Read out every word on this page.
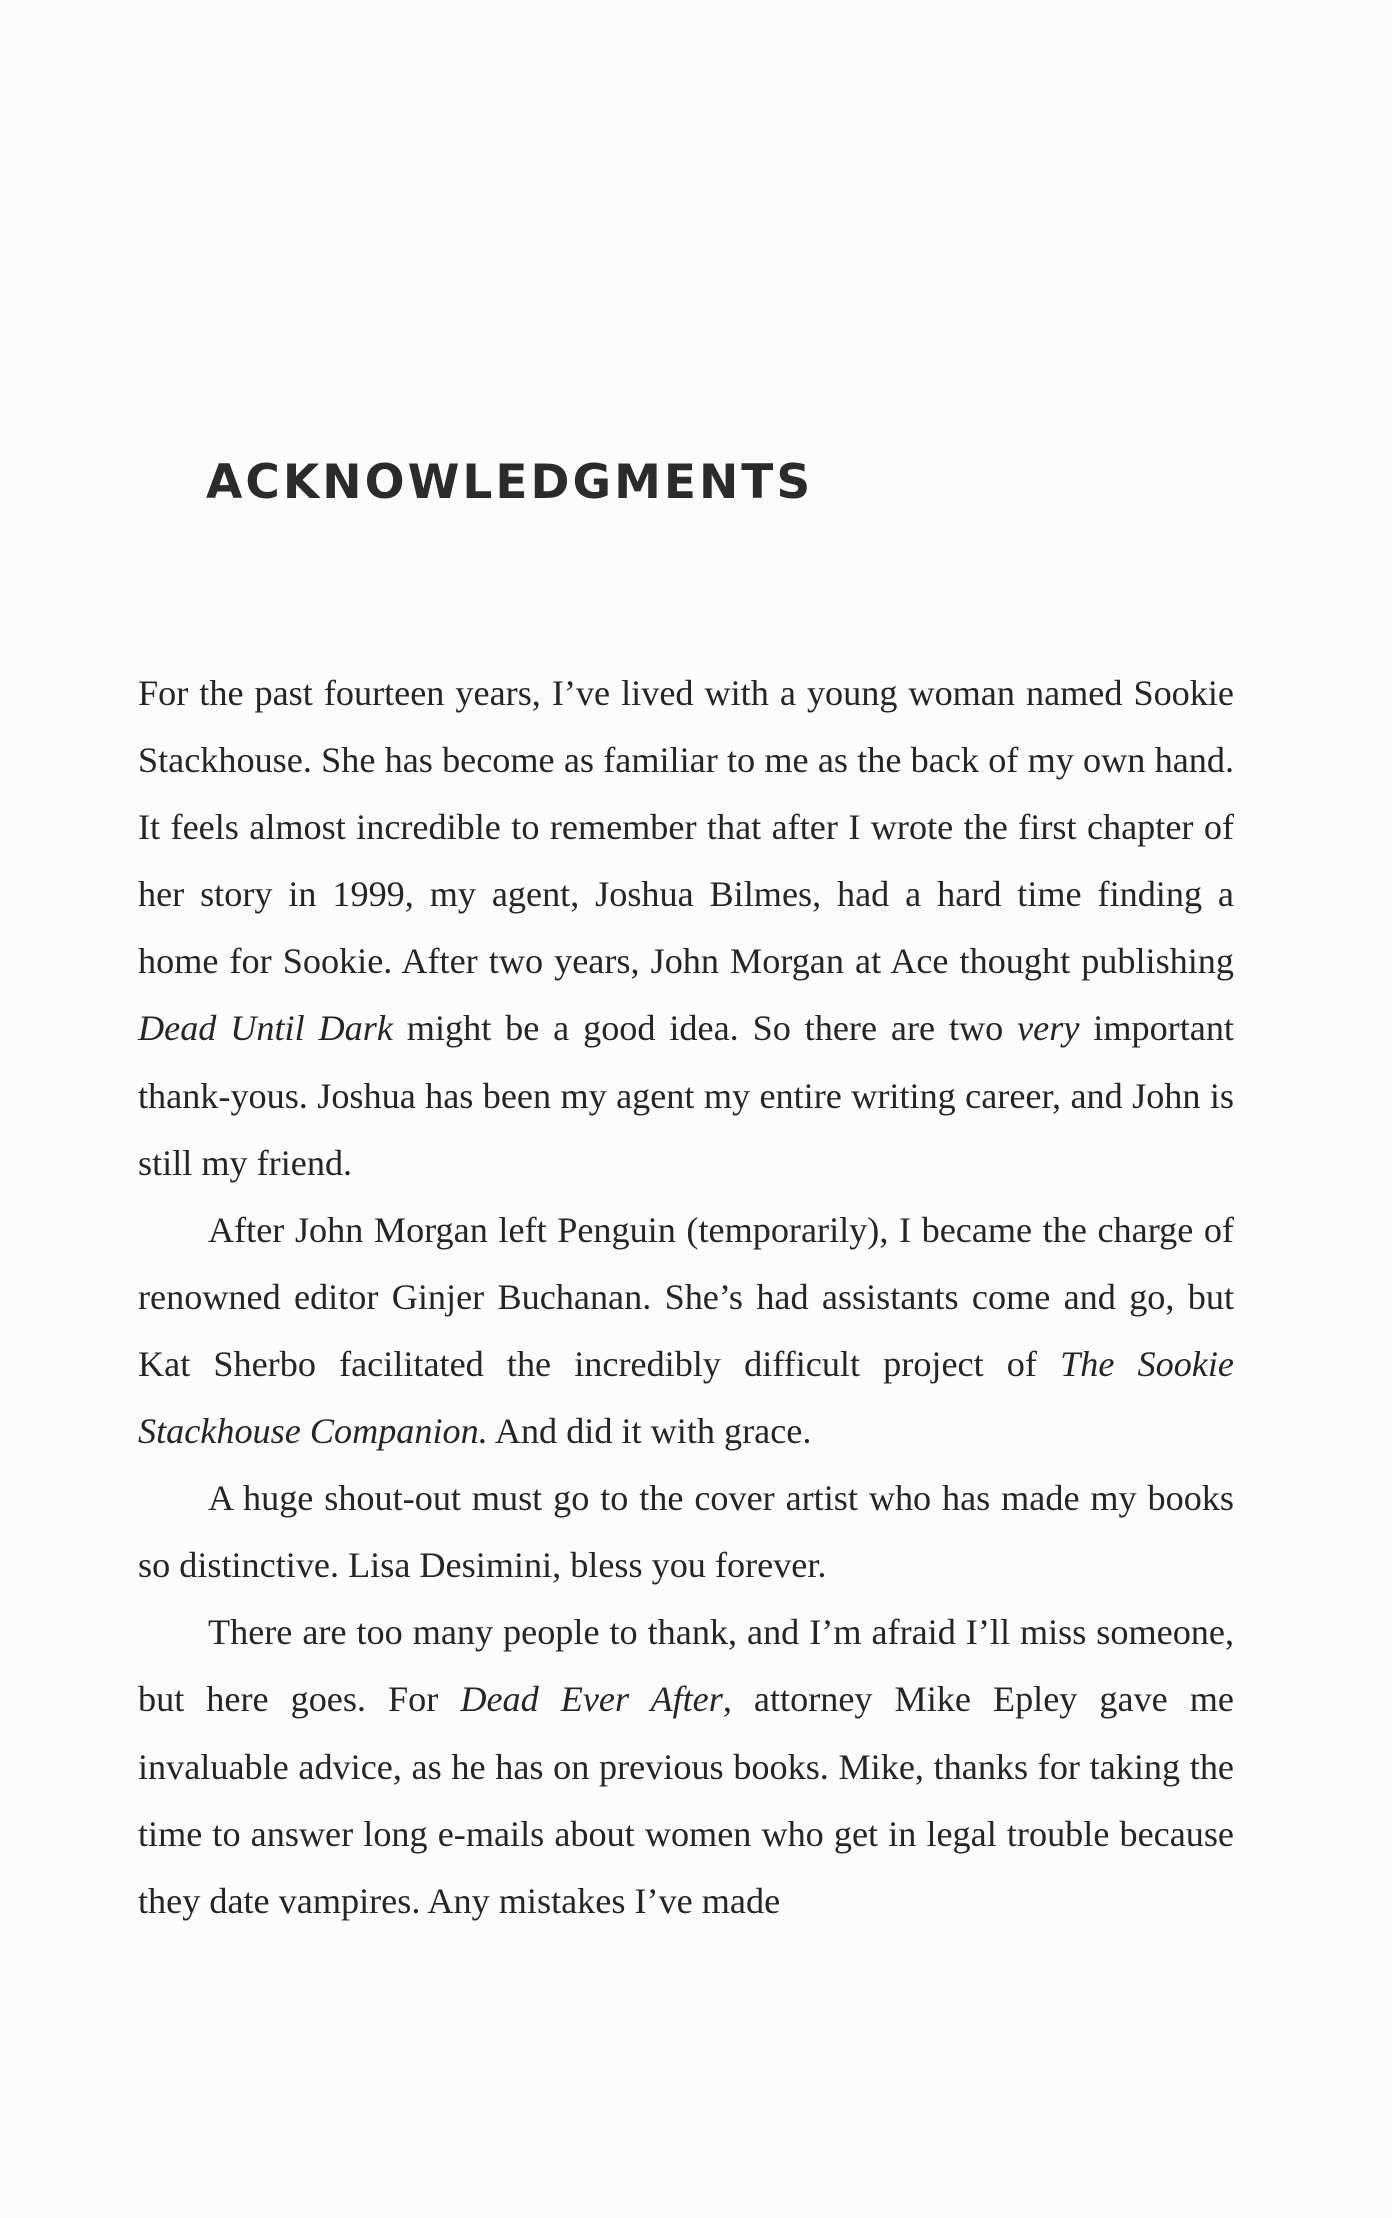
ACKNOWLEDGMENTS

For the past fourteen years, I’ve lived with a young woman named Sookie Stackhouse. She has become as familiar to me as the back of my own hand. It feels almost incredible to remember that after I wrote the first chapter of her story in 1999, my agent, Joshua Bilmes, had a hard time finding a home for Sookie. After two years, John Morgan at Ace thought publishing Dead Until Dark might be a good idea. So there are two very important thank-yous. Joshua has been my agent my entire writing career, and John is still my friend.

After John Morgan left Penguin (temporarily), I became the charge of renowned editor Ginjer Buchanan. She’s had assistants come and go, but Kat Sherbo facilitated the incredibly difficult project of The Sookie Stackhouse Companion. And did it with grace.

A huge shout-out must go to the cover artist who has made my books so distinctive. Lisa Desimini, bless you forever.

There are too many people to thank, and I’m afraid I’ll miss someone, but here goes. For Dead Ever After, attorney Mike Epley gave me invaluable advice, as he has on previous books. Mike, thanks for taking the time to answer long e-mails about women who get in legal trouble because they date vampires. Any mistakes I’ve made
